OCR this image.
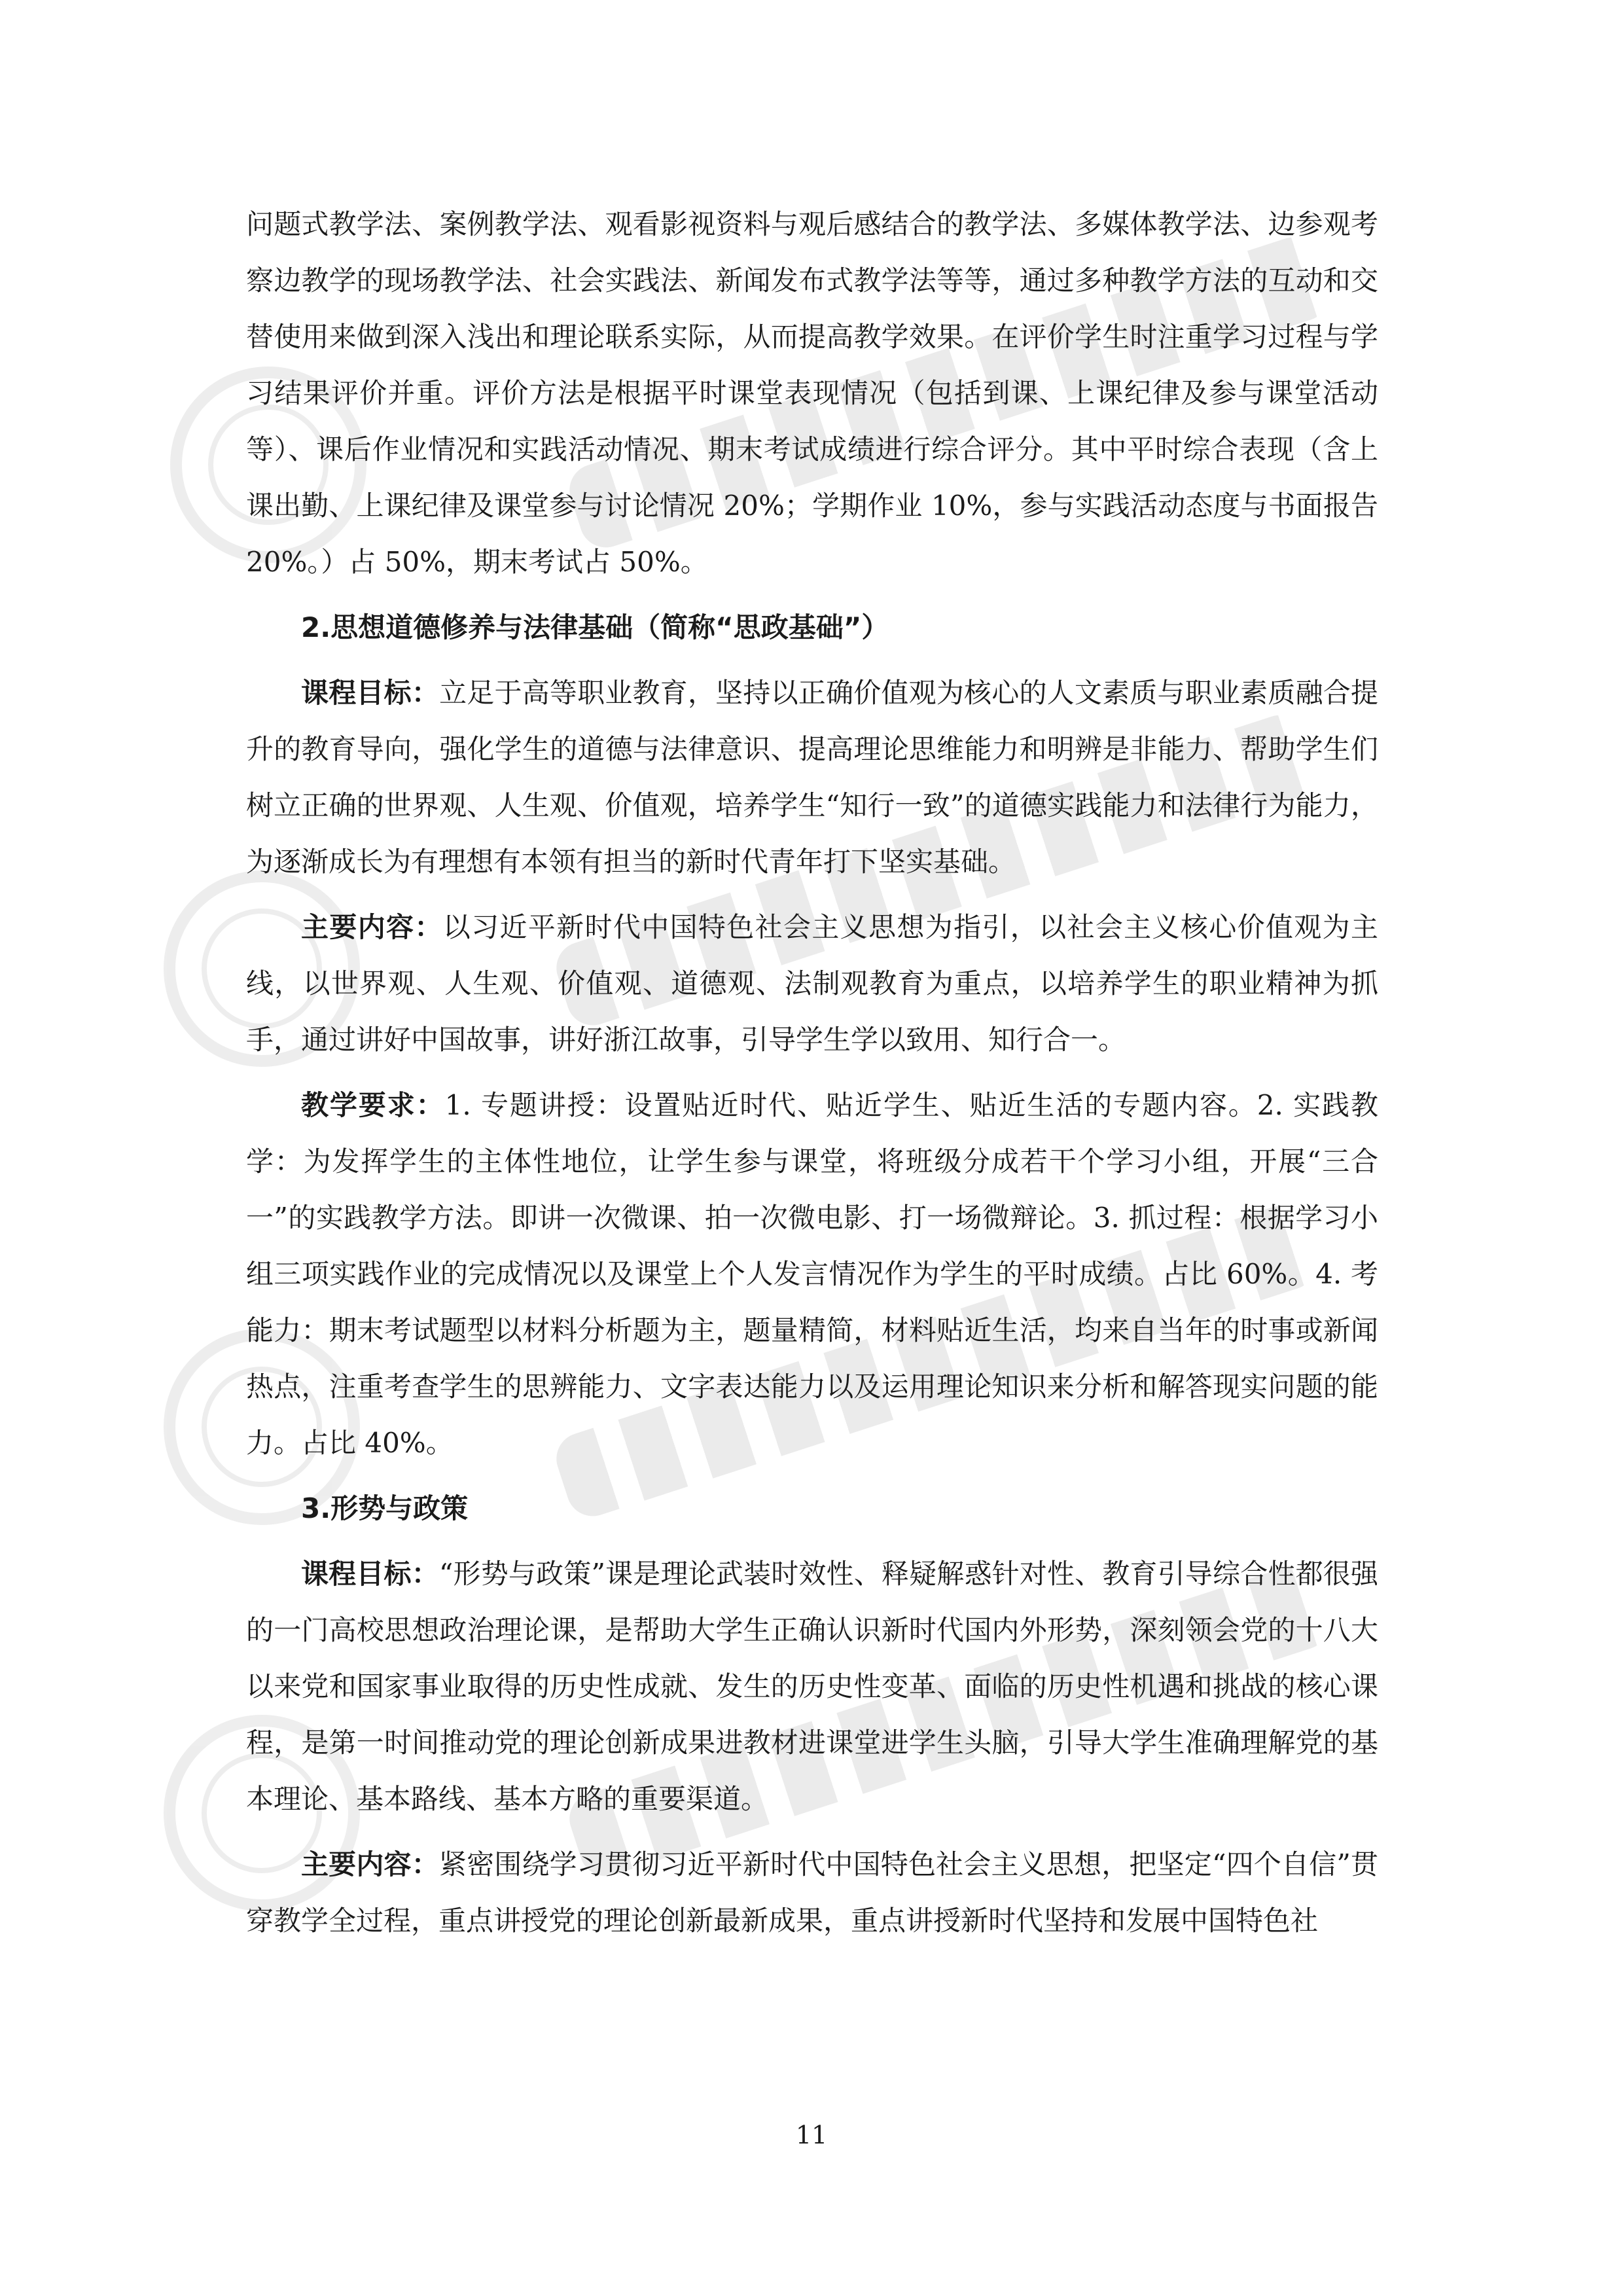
问题式教学法、案例教学法、观看影视资料与观后感结合的教学法、多媒体教学法、边参观考察边教学的现场教学法、社会实践法、新闻发布式教学法等等，通过多种教学方法的互动和交替使用来做到深入浅出和理论联系实际，从而提高教学效果。在评价学生时注重学习过程与学习结果评价并重。评价方法是根据平时课堂表现情况（包括到课、上课纪律及参与课堂活动等）、课后作业情况和实践活动情况、期末考试成绩进行综合评分。其中平时综合表现（含上课出勤、上课纪律及课堂参与讨论情况 20%；学期作业 10%，参与实践活动态度与书面报告 20%。）占 50%，期末考试占 50%。

2.思想道德修养与法律基础（简称“思政基础”）

课程目标：立足于高等职业教育，坚持以正确价值观为核心的人文素质与职业素质融合提升的教育导向，强化学生的道德与法律意识、提高理论思维能力和明辨是非能力、帮助学生们树立正确的世界观、人生观、价值观，培养学生“知行一致”的道德实践能力和法律行为能力，为逐渐成长为有理想有本领有担当的新时代青年打下坚实基础。

主要内容：以习近平新时代中国特色社会主义思想为指引，以社会主义核心价值观为主线，以世界观、人生观、价值观、道德观、法制观教育为重点，以培养学生的职业精神为抓手，通过讲好中国故事，讲好浙江故事，引导学生学以致用、知行合一。

教学要求：1. 专题讲授：设置贴近时代、贴近学生、贴近生活的专题内容。2. 实践教学：为发挥学生的主体性地位，让学生参与课堂，将班级分成若干个学习小组，开展“三合一”的实践教学方法。即讲一次微课、拍一次微电影、打一场微辩论。3. 抓过程：根据学习小组三项实践作业的完成情况以及课堂上个人发言情况作为学生的平时成绩。占比 60%。4. 考能力：期末考试题型以材料分析题为主，题量精简，材料贴近生活，均来自当年的时事或新闻热点，注重考查学生的思辨能力、文字表达能力以及运用理论知识来分析和解答现实问题的能力。占比 40%。

3.形势与政策

课程目标：“形势与政策”课是理论武装时效性、释疑解惑针对性、教育引导综合性都很强的一门高校思想政治理论课，是帮助大学生正确认识新时代国内外形势，深刻领会党的十八大以来党和国家事业取得的历史性成就、发生的历史性变革、面临的历史性机遇和挑战的核心课程，是第一时间推动党的理论创新成果进教材进课堂进学生头脑，引导大学生准确理解党的基本理论、基本路线、基本方略的重要渠道。

主要内容：紧密围绕学习贯彻习近平新时代中国特色社会主义思想，把坚定“四个自信”贯穿教学全过程，重点讲授党的理论创新最新成果，重点讲授新时代坚持和发展中国特色社

11
